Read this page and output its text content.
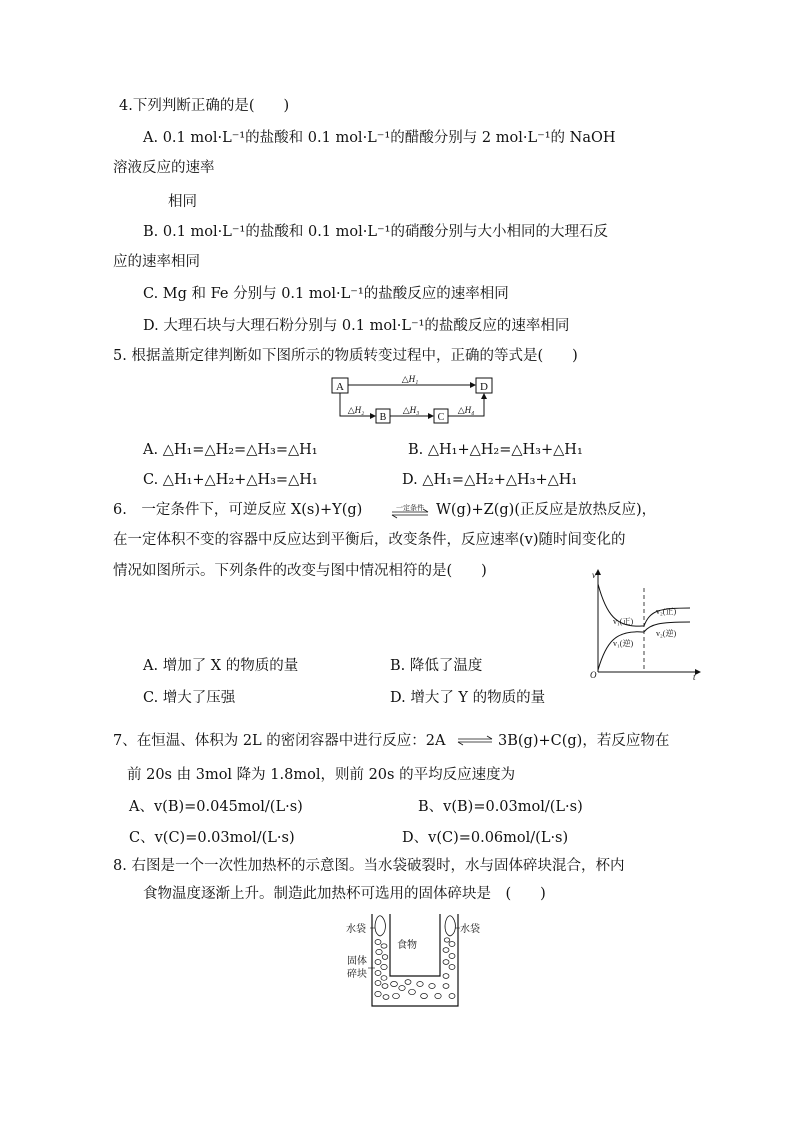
4.下列判断正确的是(　　)
A. 0.1 mol·L⁻¹的盐酸和 0.1 mol·L⁻¹的醋酸分别与 2 mol·L⁻¹的 NaOH
溶液反应的速率
相同
B. 0.1 mol·L⁻¹的盐酸和 0.1 mol·L⁻¹的硝酸分别与大小相同的大理石反
应的速率相同
C. Mg 和 Fe 分别与 0.1 mol·L⁻¹的盐酸反应的速率相同
D. 大理石块与大理石粉分别与 0.1 mol·L⁻¹的盐酸反应的速率相同
5. 根据盖斯定律判断如下图所示的物质转变过程中，正确的等式是(　　)
A	D
△H₁
△H₂
B
△H₃
C
△H₄
A. △H₁=△H₂=△H₃=△H₁	B. △H₁+△H₂=△H₃+△H₁
C. △H₁+△H₂+△H₃=△H₁	D. △H₁=△H₂+△H₃+△H₁
6.　一定条件下，可逆反应 X(s)+Y(g)	一定条件 W(g)+Z(g)(正反应是放热反应)，
在一定体积不变的容器中反应达到平衡后，改变条件，反应速率(v)随时间变化的
情况如图所示。下列条件的改变与图中情况相符的是(　　)	v
t
O
v₁(正)
v₁(逆)
v₂(正)
v₂(逆)
A. 增加了 X 的物质的量	B. 降低了温度
C. 增大了压强	D. 增大了 Y 的物质的量
7、在恒温、体积为 2L 的密闭容器中进行反应：2A	3B(g)+C(g)，若反应物在
前 20s 由 3mol 降为 1.8mol，则前 20s 的平均反应速度为
A、v(B)=0.045mol/(L·s)	B、v(B)=0.03mol/(L·s)
C、v(C)=0.03mol/(L·s)	D、v(C)=0.06mol/(L·s)
8. 右图是一个一次性加热杯的示意图。当水袋破裂时，水与固体碎块混合，杯内
食物温度逐渐上升。制造此加热杯可选用的固体碎块是　(　　)
水袋
食物
水袋
固体
碎块
